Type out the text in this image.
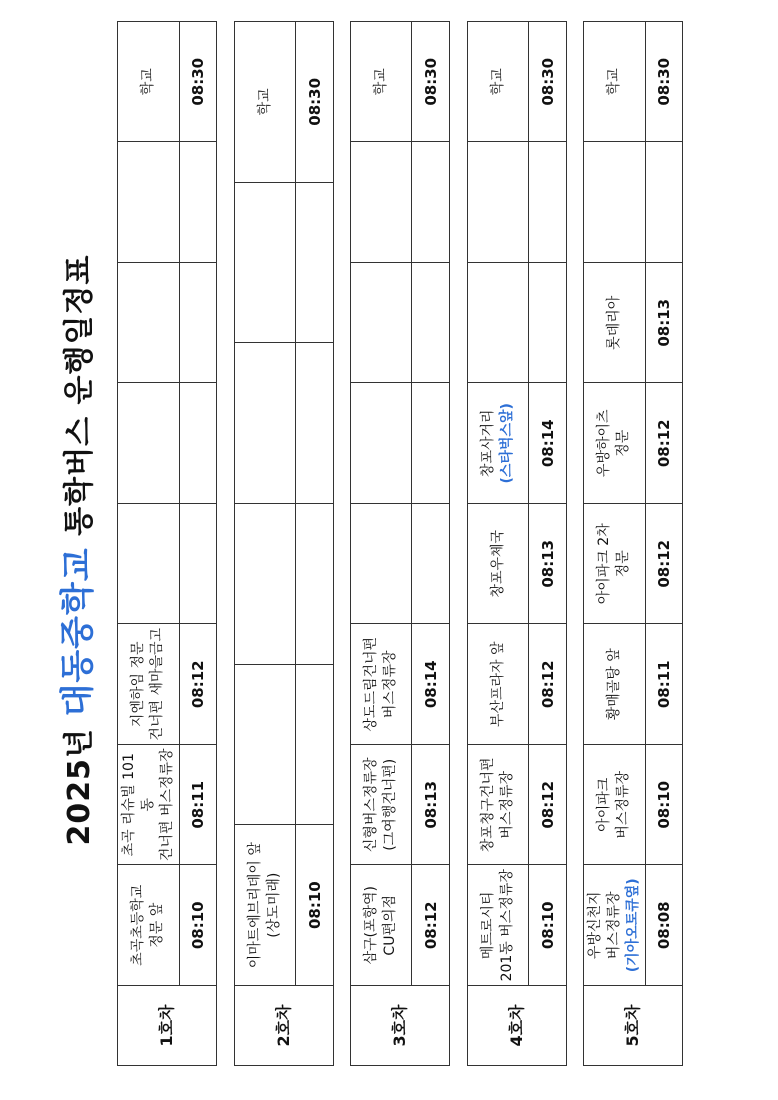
2025년 대동중학교 통학버스 운행일정표
1호차	초곡초등학교 정문 앞	초곡 리슈빌 101동 건너편 버스정류장	지엔하임 정문 건너편 새마을금고					학교

	08:10	08:11	08:12					08:30
2호차	이마트에브리데이 앞 (상도미래)					학교

	08:10					08:30
3호차	삼구(포항역) CU편의점	신형버스정류장 (그여행건너편)	상도드림건너편 버스정류장					학교

	08:12	08:13	08:14					08:30
4호차	메트로시티 201동 버스정류장	창포청구건너편 버스정류장	부산프라자 앞	창포우체국	창포사거리 (스타벅스앞)			학교

	08:10	08:12	08:12	08:13	08:14			08:30
5호차	우방신천지 버스정류장 (기아오토큐옆)	아이파크 버스정류장	황매골탕 앞	아이파크 2차 정문	우방하이츠 정문	롯데리아		학교

	08:08	08:10	08:11	08:12	08:12	08:13		08:30
